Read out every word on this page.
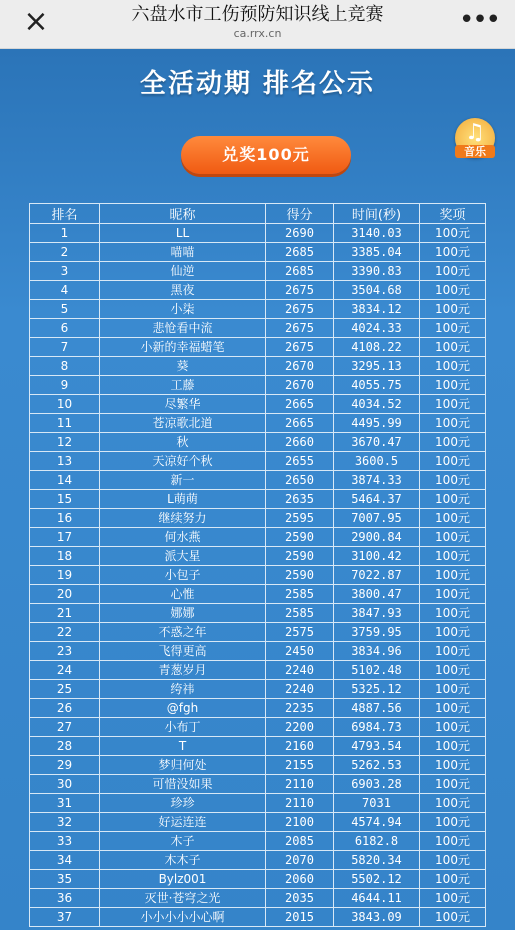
×	六盘水市工伤预防知识线上竞赛
ca.rrx.cn	•••
全活动期 排名公示
♫
音乐
兑奖100元
排名	昵称	得分	时间(秒)	奖项
1	LL	2690	3140.03	100元
2	喵喵	2685	3385.04	100元
3	仙逆	2685	3390.83	100元
4	黑夜	2675	3504.68	100元
5	小柒	2675	3834.12	100元
6	悲怆看中流	2675	4024.33	100元
7	小新的幸福蜡笔	2675	4108.22	100元
8	葵	2670	3295.13	100元
9	工藤	2670	4055.75	100元
10	尽繁华	2665	4034.52	100元
11	苍凉歌北道	2665	4495.99	100元
12	秋	2660	3670.47	100元
13	天凉好个秋	2655	3600.5	100元
14	新一	2650	3874.33	100元
15	L萌萌	2635	5464.37	100元
16	继续努力	2595	7007.95	100元
17	何水燕	2590	2900.84	100元
18	派大星	2590	3100.42	100元
19	小包子	2590	7022.87	100元
20	心惟	2585	3800.47	100元
21	娜娜	2585	3847.93	100元
22	不惑之年	2575	3759.95	100元
23	飞得更高	2450	3834.96	100元
24	青葱岁月	2240	5102.48	100元
25	绔祎	2240	5325.12	100元
26	@fgh	2235	4887.56	100元
27	小布丁	2200	6984.73	100元
28	T	2160	4793.54	100元
29	梦归何处	2155	5262.53	100元
30	可惜没如果	2110	6903.28	100元
31	珍珍	2110	7031	100元
32	好运连连	2100	4574.94	100元
33	木子	2085	6182.8	100元
34	木木子	2070	5820.34	100元
35	Bylz001	2060	5502.12	100元
36	灭世·苍穹之光	2035	4644.11	100元
37	小小小小小心啊	2015	3843.09	100元
